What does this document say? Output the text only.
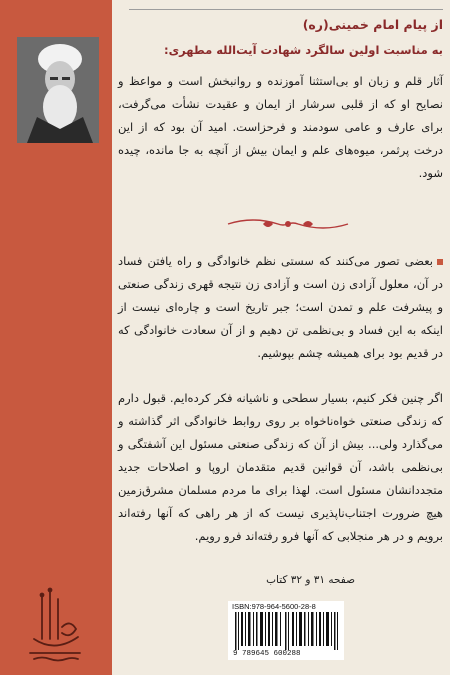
از پیام امام خمینی(ره)
به مناسبت اولین سالگرد شهادت آیت‌الله مطهری:
آثار قلم و زبان او بی‌استثنا آموزنده و روانبخش است و مواعظ و نصایح او که از قلبی سرشار از ایمان و عقیدت نشأت می‌گرفت، برای عارف و عامی سودمند و فرحزاست. امید آن بود که از این درخت پرثمر، میوه‌های علم و ایمان بیش از آنچه به جا مانده، چیده شود.
بعضی تصور می‌کنند که سستی نظم خانوادگی و راه یافتن فساد در آن، معلول آزادی زن است و آزادی زن نتیجه قهری زندگی صنعتی و پیشرفت علم و تمدن است؛ جبر تاریخ است و چاره‌ای نیست از اینکه به این فساد و بی‌نظمی تن دهیم و از آن سعادت خانوادگی که در قدیم بود برای همیشه چشم بپوشیم.
اگر چنین فکر کنیم، بسیار سطحی و ناشیانه فکر کرده‌ایم. قبول دارم که زندگی صنعتی خواه‌ناخواه بر روی روابط خانوادگی اثر گذاشته و می‌گذارد ولی... بیش از آن که زندگی صنعتی مسئول این آشفتگی و بی‌نظمی باشد، آن قوانین قدیم متقدمان اروپا و اصلاحات جدید متجددانشان مسئول است. لهذا برای ما مردم مسلمان مشرق‌زمین هیچ ضرورت اجتناب‌ناپذیری نیست که از هر راهی که آنها رفته‌اند برویم و در هر منجلابی که آنها فرو رفته‌اند فرو رویم.
صفحه ۳۱ و ۳۲ کتاب
ISBN:978-964-5600-28-8
9 789645 600288
